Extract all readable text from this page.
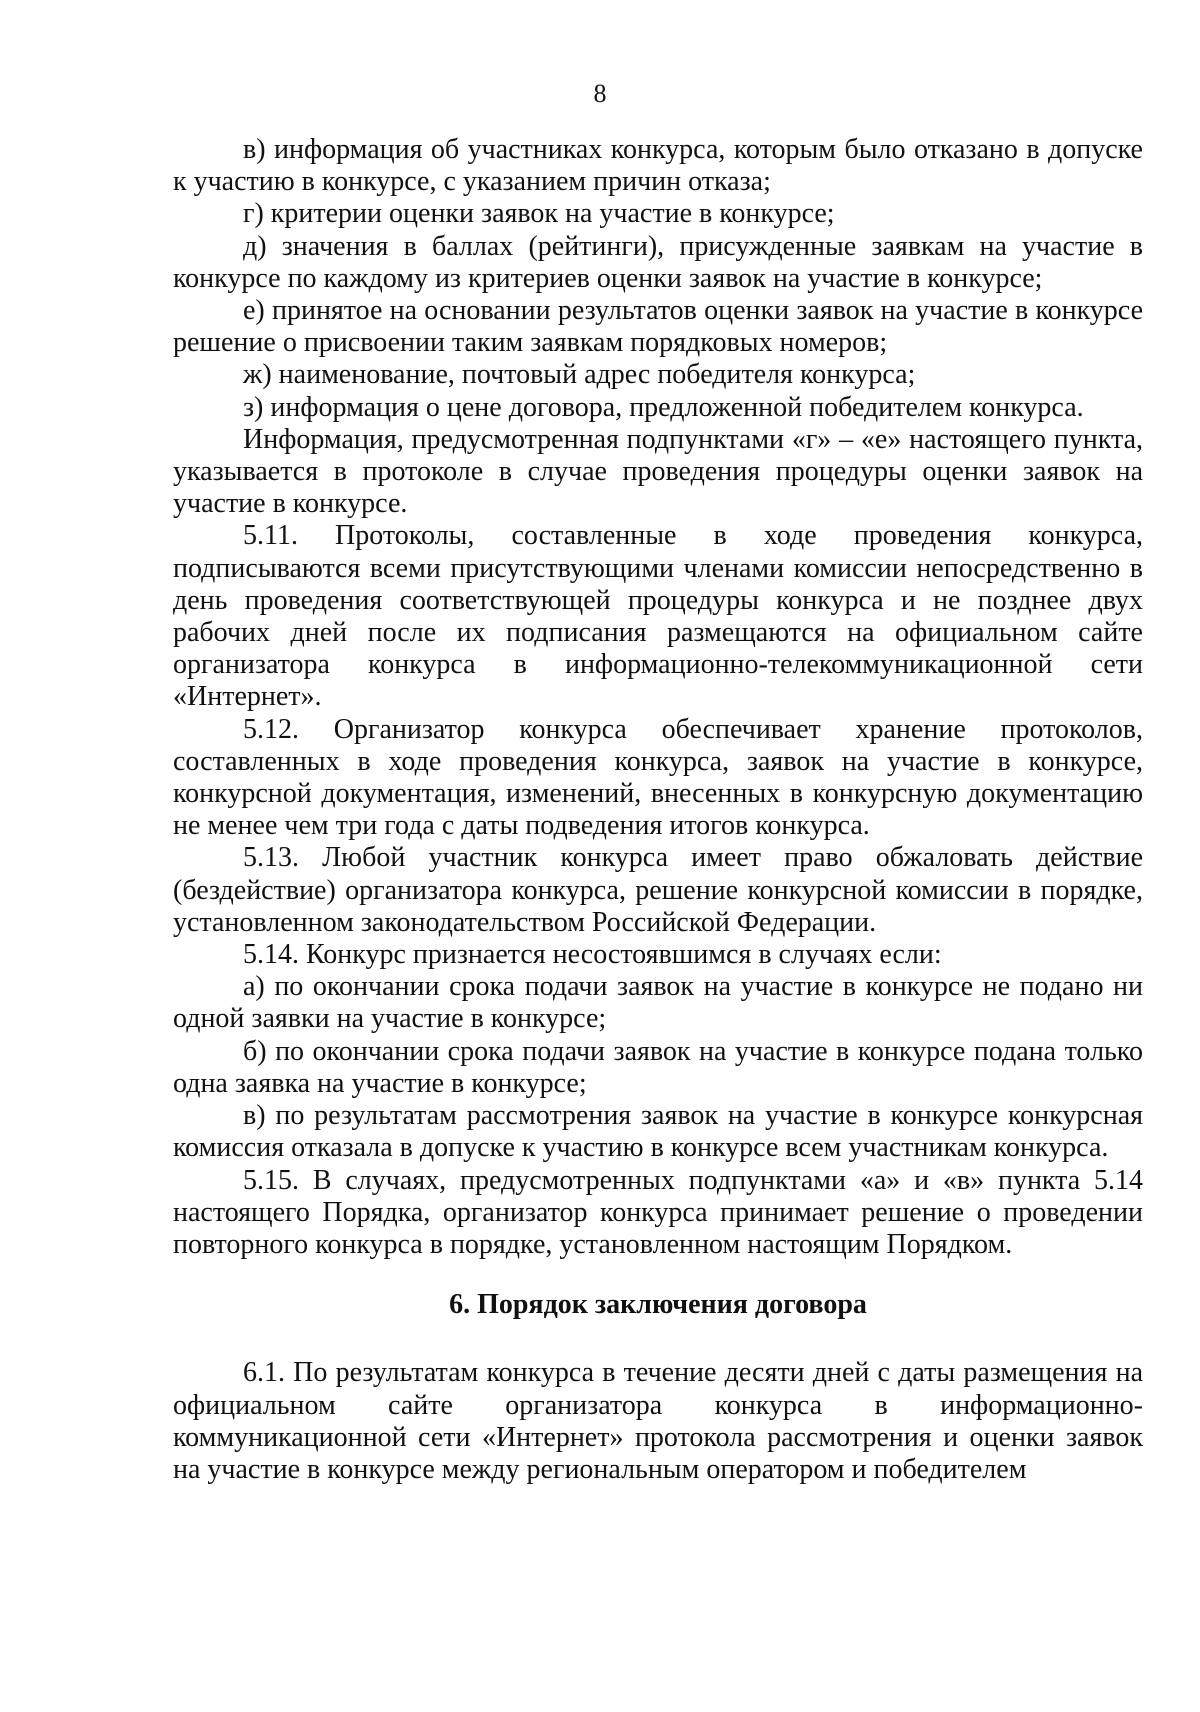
8

в) информация об участниках конкурса, которым было отказано в допуске к участию в конкурсе, с указанием причин отказа;

г) критерии оценки заявок на участие в конкурсе;

д) значения в баллах (рейтинги), присужденные заявкам на участие в конкурсе по каждому из критериев оценки заявок на участие в конкурсе;

е) принятое на основании результатов оценки заявок на участие в конкурсе решение о присвоении таким заявкам порядковых номеров;

ж) наименование, почтовый адрес победителя конкурса;

з) информация о цене договора, предложенной победителем конкурса.

Информация, предусмотренная подпунктами «г» – «е» настоящего пункта, указывается в протоколе в случае проведения процедуры оценки заявок на участие в конкурсе.

5.11. Протоколы, составленные в ходе проведения конкурса, подписываются всеми присутствующими членами комиссии непосредственно в день проведения соответствующей процедуры конкурса и не позднее двух рабочих дней после их подписания размещаются на официальном сайте организатора конкурса в информационно-телекоммуникационной сети «Интернет».

5.12. Организатор конкурса обеспечивает хранение протоколов, составленных в ходе проведения конкурса, заявок на участие в конкурсе, конкурсной документация, изменений, внесенных в конкурсную документацию не менее чем три года с даты подведения итогов конкурса.

5.13. Любой участник конкурса имеет право обжаловать действие (бездействие) организатора конкурса, решение конкурсной комиссии в порядке, установленном законодательством Российской Федерации.

5.14. Конкурс признается несостоявшимся в случаях если:

а) по окончании срока подачи заявок на участие в конкурсе не подано ни одной заявки на участие в конкурсе;

б) по окончании срока подачи заявок на участие в конкурсе подана только одна заявка на участие в конкурсе;

в) по результатам рассмотрения заявок на участие в конкурсе конкурсная комиссия отказала в допуске к участию в конкурсе всем участникам конкурса.

5.15. В случаях, предусмотренных подпунктами «а» и «в» пункта 5.14 настоящего Порядка, организатор конкурса принимает решение о проведении повторного конкурса в порядке, установленном настоящим Порядком.

6. Порядок заключения договора

6.1. По результатам конкурса в течение десяти дней с даты размещения на официальном сайте организатора конкурса в информационно-коммуникационной сети «Интернет» протокола рассмотрения и оценки заявок на участие в конкурсе между региональным оператором и победителем
